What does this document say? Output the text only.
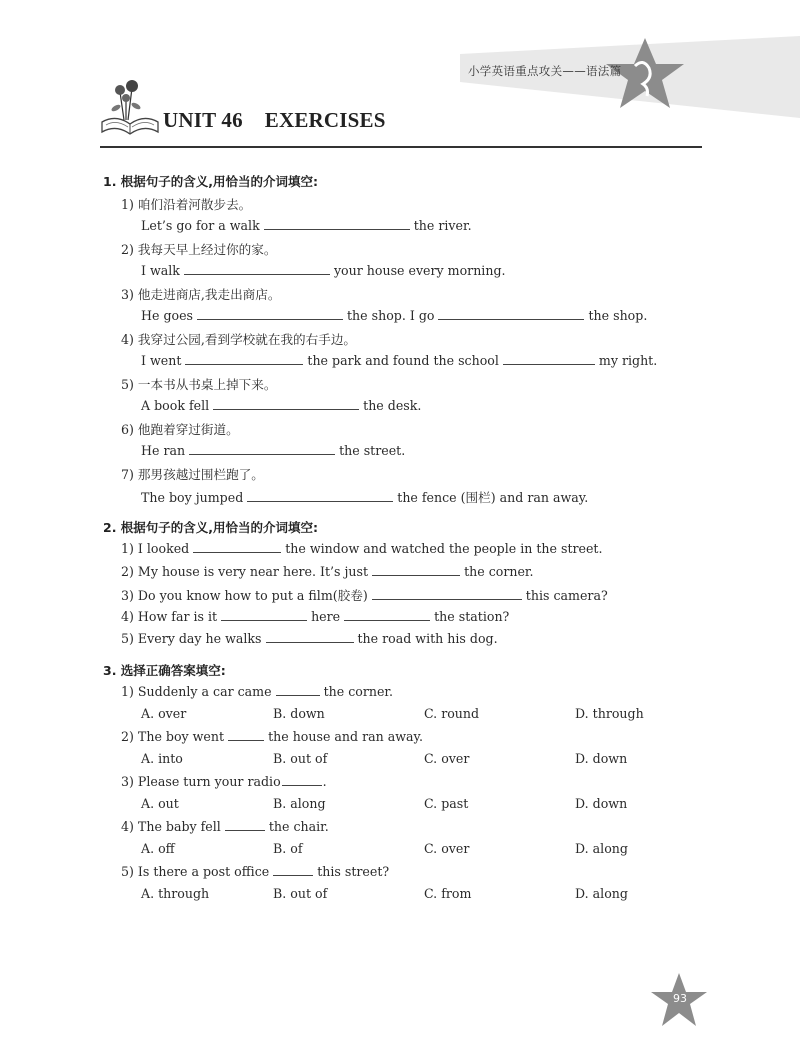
小学英语重点攻关——语法篇
UNIT 46 EXERCISES
1. 根据句子的含义,用恰当的介词填空:
1) 咱们沿着河散步去。
Let’s go for a walk	the river.
2) 我每天早上经过你的家。
I walk	your house every morning.
3) 他走进商店,我走出商店。
He goes	the shop. I go	the shop.
4) 我穿过公园,看到学校就在我的右手边。
I went	the park and found the school	my right.
5) 一本书从书桌上掉下来。
A book fell	the desk.
6) 他跑着穿过街道。
He ran	the street.
7) 那男孩越过围栏跑了。
The boy jumped	the fence (围栏) and ran away.
2. 根据句子的含义,用恰当的介词填空:
1) I looked	the window and watched the people in the street.
2) My house is very near here. It’s just	the corner.
3) Do you know how to put a film(胶卷)	this camera?
4) How far is it	here	the station?
5) Every day he walks	the road with his dog.
3. 选择正确答案填空:
1) Suddenly a car came	the corner.
A. over	B. down	C. round	D. through
2) The boy went	the house and ran away.
A. into	B. out of	C. over	D. down
3) Please turn your radio	.
A. out	B. along	C. past	D. down
4) The baby fell	the chair.
A. off	B. of	C. over	D. along
5) Is there a post office	this street?
A. through	B. out of	C. from	D. along
93
